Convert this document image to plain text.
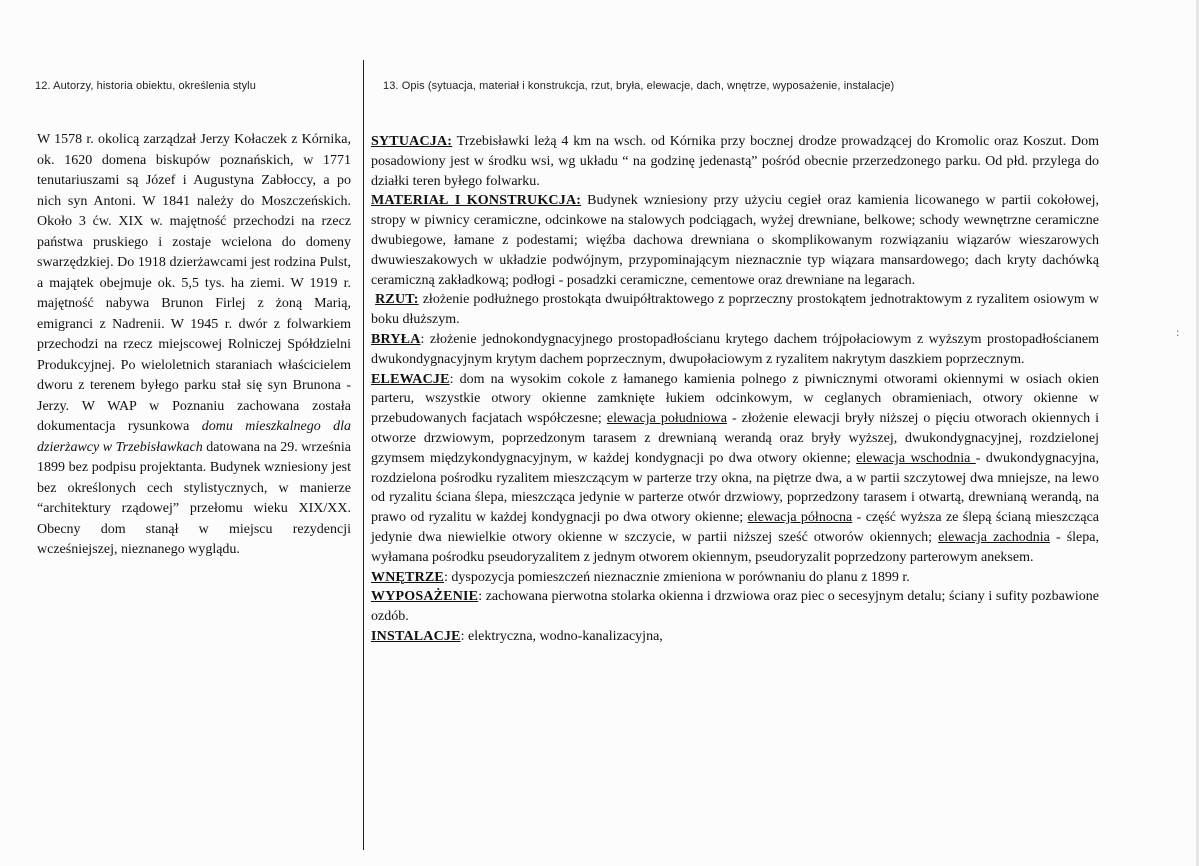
12. Autorzy, historia obiektu, określenia stylu	13. Opis (sytuacja, materiał i konstrukcja, rzut, bryła, elewacje, dach, wnętrze, wyposażenie, instalacje)
W 1578 r. okolicą zarządzał Jerzy Kołaczek z Kórnika, ok. 1620 domena biskupów poznańskich, w 1771 tenutariuszami są Józef i Augustyna Zabłoccy, a po nich syn Antoni. W 1841 należy do Moszczeńskich. Około 3 ćw. XIX w. majętność przechodzi na rzecz państwa pruskiego i zostaje wcielona do domeny swarzędzkiej. Do 1918 dzierżawcami jest rodzina Pulst, a majątek obejmuje ok. 5,5 tys. ha ziemi. W 1919 r. majętność nabywa Brunon Firlej z żoną Marią, emigranci z Nadrenii. W 1945 r. dwór z folwarkiem przechodzi na rzecz miejscowej Rolniczej Spółdzielni Produkcyjnej. Po wieloletnich staraniach właścicielem dworu z terenem byłego parku stał się syn Brunona - Jerzy. W WAP w Poznaniu zachowana została dokumentacja rysunkowa domu mieszkalnego dla dzierżawcy w Trzebisławkach datowana na 29. września 1899 bez podpisu projektanta. Budynek wzniesiony jest bez określonych cech stylistycznych, w manierze “architektury rządowej” przełomu wieku XIX/XX. Obecny dom stanął w miejscu rezydencji wcześniejszej, nieznanego wyglądu.

SYTUACJA: Trzebisławki leżą 4 km na wsch. od Kórnika przy bocznej drodze prowadzącej do Kromolic oraz Koszut. Dom posadowiony jest w środku wsi, wg układu “ na godzinę jedenastą” pośród obecnie przerzedzonego parku. Od płd. przylega do działki teren byłego folwarku.

MATERIAŁ I KONSTRUKCJA: Budynek wzniesiony przy użyciu cegieł oraz kamienia licowanego w partii cokołowej, stropy w piwnicy ceramiczne, odcinkowe na stalowych podciągach, wyżej drewniane, belkowe; schody wewnętrzne ceramiczne dwubiegowe, łamane z podestami; więźba dachowa drewniana o skomplikowanym rozwiązaniu wiązarów wieszarowych dwuwieszakowych w układzie podwójnym, przypominającym nieznacznie typ wiązara mansardowego; dach kryty dachówką ceramiczną zakładkową; podłogi - posadzki ceramiczne, cementowe oraz drewniane na legarach.

RZUT: złożenie podłużnego prostokąta dwuipółtraktowego z poprzeczny prostokątem jednotraktowym z ryzalitem osiowym w boku dłuższym.

BRYŁA: złożenie jednokondygnacyjnego prostopadłościanu krytego dachem trójpołaciowym z wyższym prostopadłościanem dwukondygnacyjnym krytym dachem poprzecznym, dwupołaciowym z ryzalitem nakrytym daszkiem poprzecznym.

ELEWACJE: dom na wysokim cokole z łamanego kamienia polnego z piwnicznymi otworami okiennymi w osiach okien parteru, wszystkie otwory okienne zamknięte łukiem odcinkowym, w ceglanych obramieniach, otwory okienne w przebudowanych facjatach współczesne; elewacja południowa - złożenie elewacji bryły niższej o pięciu otworach okiennych i otworze drzwiowym, poprzedzonym tarasem z drewnianą werandą oraz bryły wyższej, dwukondygnacyjnej, rozdzielonej gzymsem międzykondygnacyjnym, w każdej kondygnacji po dwa otwory okienne; elewacja wschodnia - dwukondygnacyjna, rozdzielona pośrodku ryzalitem mieszczącym w parterze trzy okna, na piętrze dwa, a w partii szczytowej dwa mniejsze, na lewo od ryzalitu ściana ślepa, mieszcząca jedynie w parterze otwór drzwiowy, poprzedzony tarasem i otwartą, drewnianą werandą, na prawo od ryzalitu w każdej kondygnacji po dwa otwory okienne; elewacja północna - część wyższa ze ślepą ścianą mieszcząca jedynie dwa niewielkie otwory okienne w szczycie, w partii niższej sześć otworów okiennych; elewacja zachodnia - ślepa, wyłamana pośrodku pseudoryzalitem z jednym otworem okiennym, pseudoryzalit poprzedzony parterowym aneksem.

WNĘTRZE: dyspozycja pomieszczeń nieznacznie zmieniona w porównaniu do planu z 1899 r.

WYPOSAŻENIE: zachowana pierwotna stolarka okienna i drzwiowa oraz piec o secesyjnym detalu; ściany i sufity pozbawione ozdób.

INSTALACJE: elektryczna, wodno-kanalizacyjna,

:
